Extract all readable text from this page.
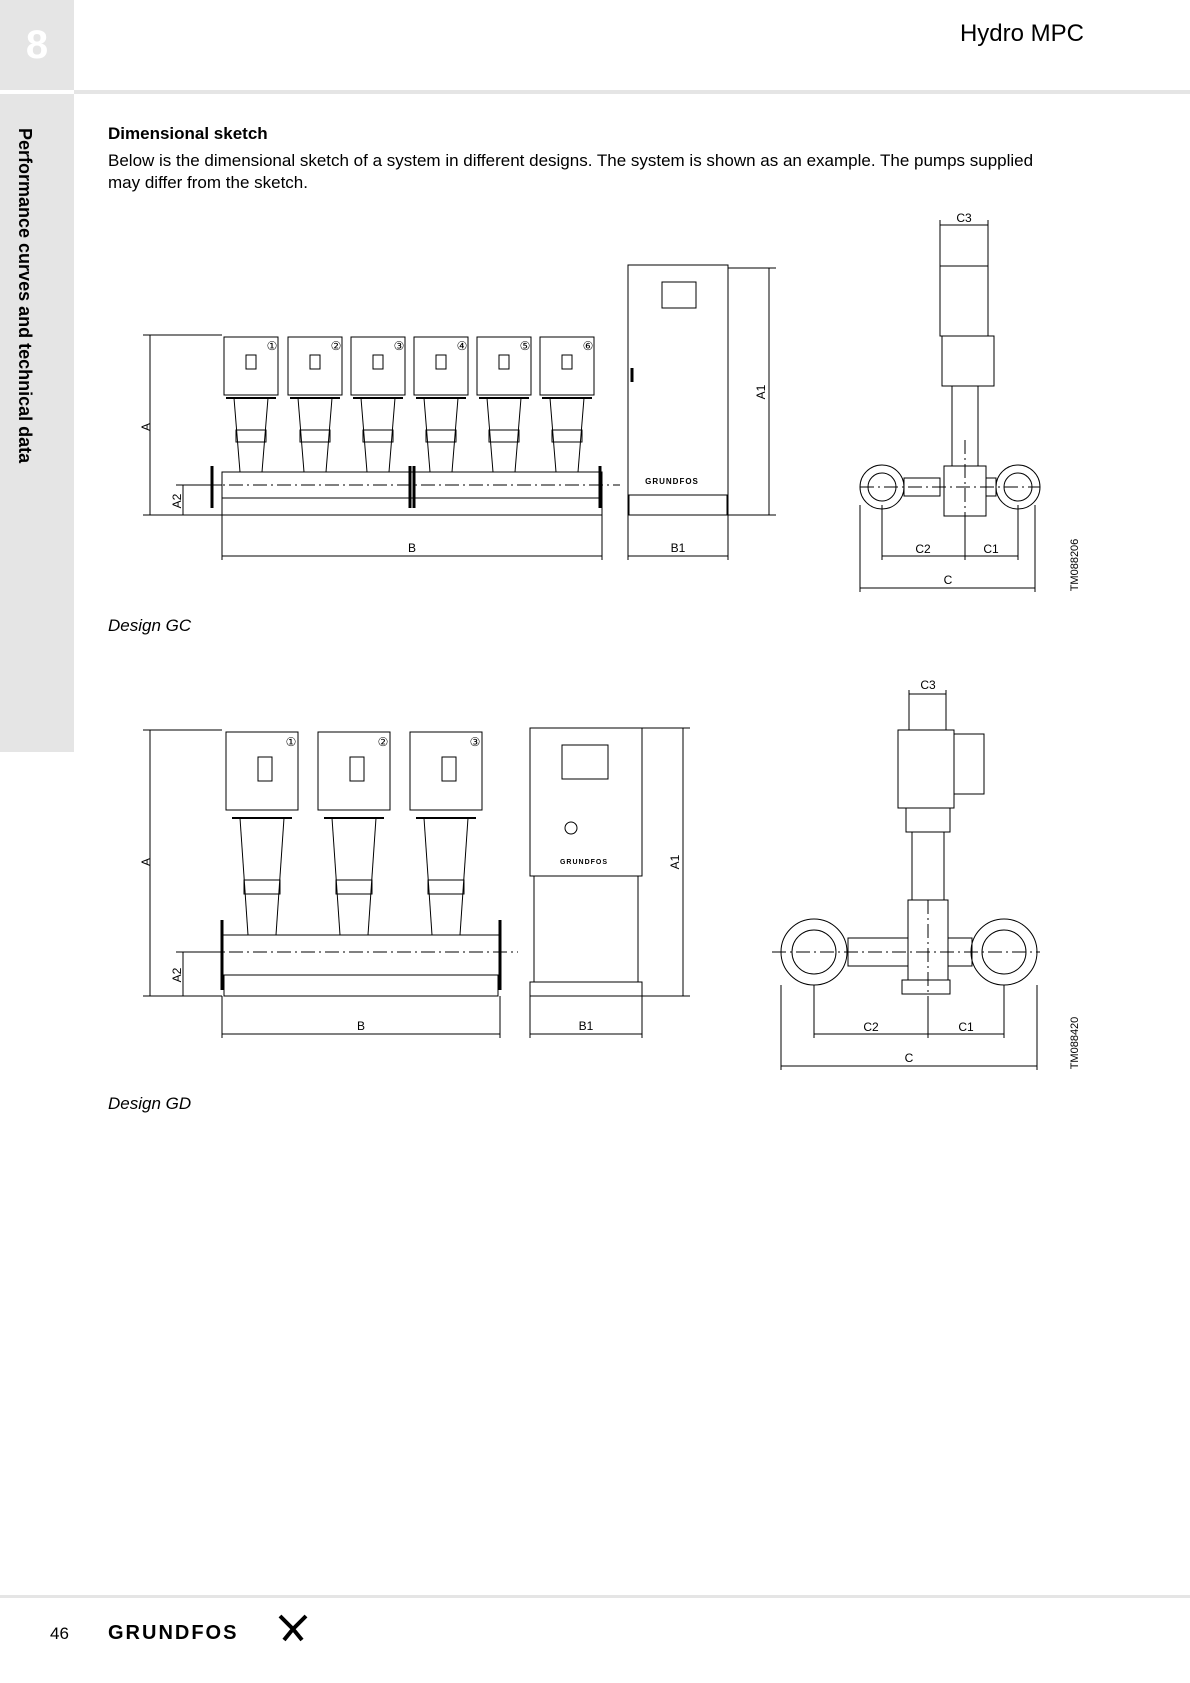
8
Performance curves and technical data
Hydro MPC
Dimensional sketch
Below is the dimensional sketch of a system in different designs. The system is shown as an example. The pumps supplied may differ from the sketch.
A
A2
①	②	③	④	⑤	⑥
B
GRUNDFOS
A1
B1
C3
C2	C1
C	TM088206
A
A2
①	②	③
B
GRUNDFOS	A1
B1
C3
C2	C1
C	TM088420
Design GC
Design GD
46 GRUNDFOS
